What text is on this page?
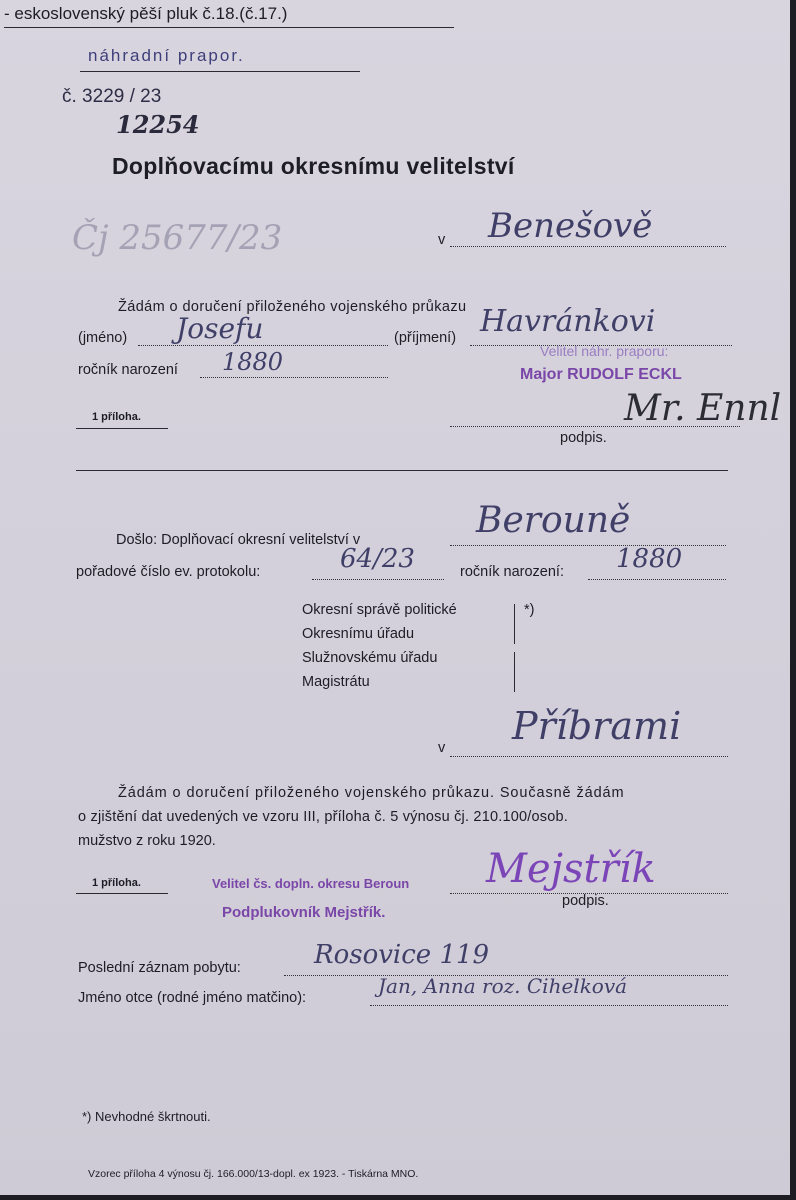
- eskoslovenský pěší pluk č.18.(č.17.)
náhradní prapor.
č. 3229 / 23
12254
Doplňovacímu okresnímu velitelství
Čj 25677/23	v Benešově
Žádám o doručení přiloženého vojenského průkazu
(jméno) Josefu	(příjmení) Havránkovi
ročník narození 1880	Velitel náhr. praporu:
Major RUDOLF ECKL
1 příloha.	Mr. Ennl
podpis.
Došlo: Doplňovací okresní velitelství v	Berouně
pořadové číslo ev. protokolu:	64/23	ročník narození: 1880
Okresní správě politické
Okresnímu úřadu
Služnovskému úřadu
Magistrátu
*)
v Příbrami
Žádám o doručení přiloženého vojenského průkazu. Současně žádám
o zjištění dat uvedených ve vzoru III, příloha č. 5 výnosu čj. 210.100/osob.
mužstvo z roku 1920.
1 příloha.	Velitel čs. dopln. okresu Beroun
Podplukovník Mejstřík.
Mejstřík
podpis.
Poslední záznam pobytu:	Rosovice 119
Jméno otce (rodné jméno matčino):	Jan, Anna roz. Cihelková
*) Nevhodné škrtnouti.
Vzorec příloha 4 výnosu čj. 166.000/13-dopl. ex 1923. - Tiskárna MNO.
